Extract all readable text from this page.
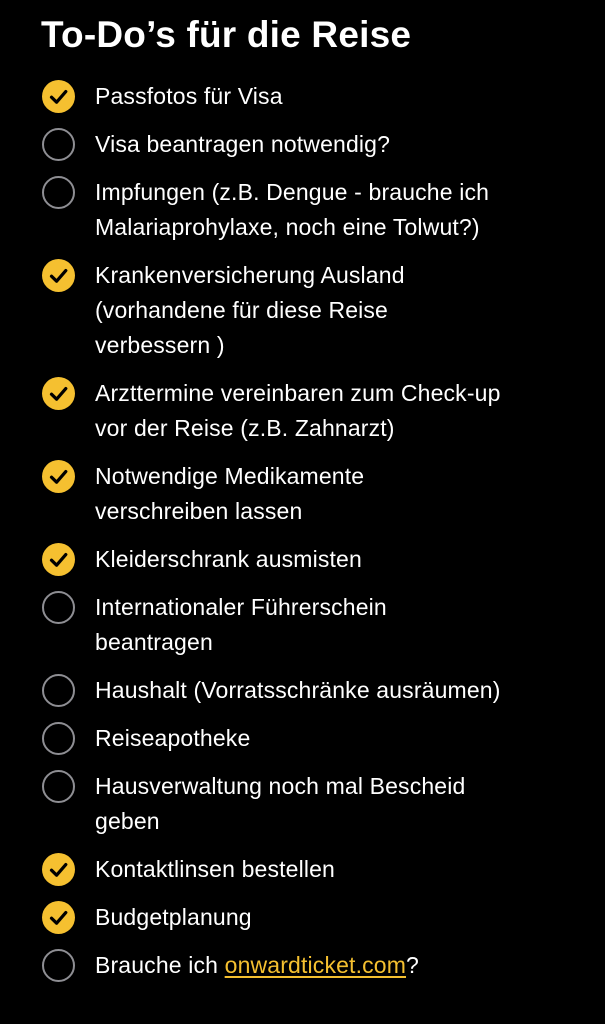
To-Do’s für die Reise
Passfotos für Visa
Visa beantragen notwendig?
Impfungen (z.B. Dengue - brauche ich
Malariaprohylaxe, noch eine Tolwut?)
Krankenversicherung Ausland
(vorhandene für diese Reise
verbessern )
Arzttermine vereinbaren zum Check-up
vor der Reise (z.B. Zahnarzt)
Notwendige Medikamente
verschreiben lassen
Kleiderschrank ausmisten
Internationaler Führerschein
beantragen
Haushalt (Vorratsschränke ausräumen)
Reiseapotheke
Hausverwaltung noch mal Bescheid
geben
Kontaktlinsen bestellen
Budgetplanung
Brauche ich onwardticket.com?
